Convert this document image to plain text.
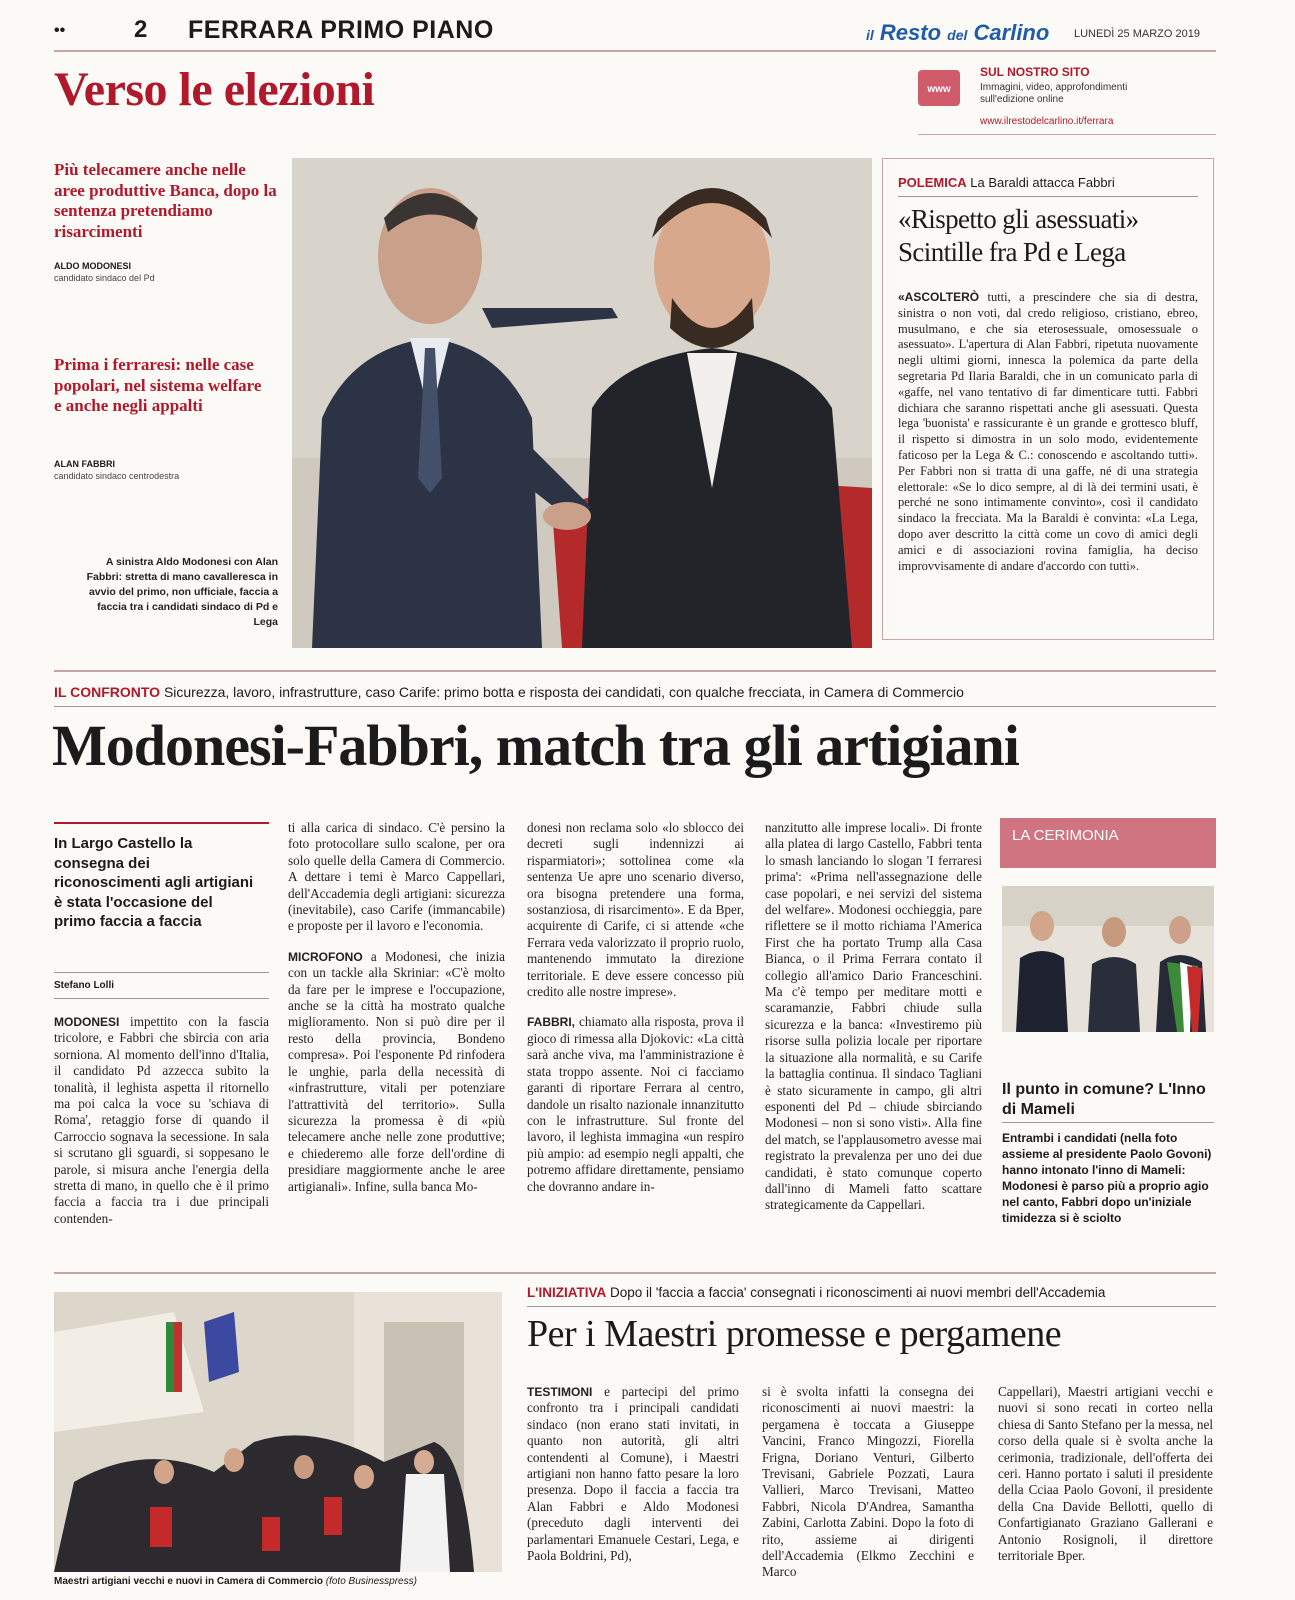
••	2 FERRARA PRIMO PIANO	il Resto del Carlino LUNEDÌ 25 MARZO 2019
Verso le elezioni	www
SUL NOSTRO SITO
Immagini, video, approfondimenti sull'edizione online
www.ilrestodelcarlino.it/ferrara
Più telecamere anche nelle aree produttive Banca, dopo la sentenza pretendiamo risarcimenti
ALDO MODONESI
candidato sindaco del Pd
Prima i ferraresi: nelle case popolari, nel sistema welfare e anche negli appalti
ALAN FABBRI
candidato sindaco centrodestra
A sinistra Aldo Modonesi con Alan Fabbri: stretta di mano cavalleresca in avvio del primo, non ufficiale, faccia a faccia tra i candidati sindaco di Pd e Lega
POLEMICA La Baraldi attacca Fabbri
«Rispetto gli asessuati» Scintille fra Pd e Lega
«ASCOLTERÒ tutti, a prescindere che sia di destra, sinistra o non voti, dal credo religioso, cristiano, ebreo, musulmano, e che sia eterosessuale, omosessuale o asessuato». L'apertura di Alan Fabbri, ripetuta nuovamente negli ultimi giorni, innesca la polemica da parte della segretaria Pd Ilaria Baraldi, che in un comunicato parla di «gaffe, nel vano tentativo di far dimenticare tutti. Fabbri dichiara che saranno rispettati anche gli asessuati. Questa lega 'buonista' e rassicurante è un grande e grottesco bluff, il rispetto si dimostra in un solo modo, evidentemente faticoso per la Lega & C.: conoscendo e ascoltando tutti». Per Fabbri non si tratta di una gaffe, né di una strategia elettorale: «Se lo dico sempre, al di là dei termini usati, è perché ne sono intimamente convinto», così il candidato sindaco la frecciata. Ma la Baraldi è convinta: «La Lega, dopo aver descritto la città come un covo di amici degli amici e di associazioni rovina famiglia, ha deciso improvvisamente di andare d'accordo con tutti».
IL CONFRONTO Sicurezza, lavoro, infrastrutture, caso Carife: primo botta e risposta dei candidati, con qualche frecciata, in Camera di Commercio
Modonesi-Fabbri, match tra gli artigiani
In Largo Castello la consegna dei riconoscimenti agli artigiani è stata l'occasione del primo faccia a faccia
Stefano Lolli
MODONESI impettito con la fascia tricolore, e Fabbri che sbircia con aria sorniona. Al momento dell'inno d'Italia, il candidato Pd azzecca subito la tonalità, il leghista aspetta il ritornello ma poi calca la voce su 'schiava di Roma', retaggio forse di quando il Carroccio sognava la secessione. In sala si scrutano gli sguardi, si soppesano le parole, si misura anche l'energia della stretta di mano, in quello che è il primo faccia a faccia tra i due principali contenden-

ti alla carica di sindaco. C'è persino la foto protocollare sullo scalone, per ora solo quelle della Camera di Commercio. A dettare i temi è Marco Cappellari, dell'Accademia degli artigiani: sicurezza (inevitabile), caso Carife (immancabile) e proposte per il lavoro e l'economia.

MICROFONO a Modonesi, che inizia con un tackle alla Skriniar: «C'è molto da fare per le imprese e l'occupazione, anche se la città ha mostrato qualche miglioramento. Non si può dire per il resto della provincia, Bondeno compresa». Poi l'esponente Pd rinfodera le unghie, parla della necessità di «infrastrutture, vitali per potenziare l'attrattività del territorio». Sulla sicurezza la promessa è di «più telecamere anche nelle zone produttive; e chiederemo alle forze dell'ordine di presidiare maggiormente anche le aree artigianali». Infine, sulla banca Mo-

donesi non reclama solo «lo sblocco dei decreti sugli indennizzi ai risparmiatori»; sottolinea come «la sentenza Ue apre uno scenario diverso, ora bisogna pretendere una forma, sostanziosa, di risarcimento». E da Bper, acquirente di Carife, ci si attende «che Ferrara veda valorizzato il proprio ruolo, mantenendo immutato la direzione territoriale. E deve essere concesso più credito alle nostre imprese».

FABBRI, chiamato alla risposta, prova il gioco di rimessa alla Djokovic: «La città sarà anche viva, ma l'amministrazione è stata troppo assente. Noi ci facciamo garanti di riportare Ferrara al centro, dandole un risalto nazionale innanzitutto con le infrastrutture. Sul fronte del lavoro, il leghista immagina «un respiro più ampio: ad esempio negli appalti, che potremo affidare direttamente, pensiamo che dovranno andare in-

nanzitutto alle imprese locali». Di fronte alla platea di largo Castello, Fabbri tenta lo smash lanciando lo slogan 'I ferraresi prima': «Prima nell'assegnazione delle case popolari, e nei servizi del sistema del welfare». Modonesi occhieggia, pare riflettere se il motto richiama l'America First che ha portato Trump alla Casa Bianca, o il Prima Ferrara contato il collegio all'amico Dario Franceschini. Ma c'è tempo per meditare motti e scaramanzie, Fabbri chiude sulla sicurezza e la banca: «Investiremo più risorse sulla polizia locale per riportare la situazione alla normalità, e su Carife la battaglia continua. Il sindaco Tagliani è stato sicuramente in campo, gli altri esponenti del Pd – chiude sbirciando Modonesi – non si sono visti». Alla fine del match, se l'applausometro avesse mai registrato la prevalenza per uno dei due candidati, è stato comunque coperto dall'inno di Mameli fatto scattare strategicamente da Cappellari.
LA CERIMONIA
Il punto in comune? L'Inno di Mameli
Entrambi i candidati (nella foto assieme al presidente Paolo Govoni) hanno intonato l'inno di Mameli: Modonesi è parso più a proprio agio nel canto, Fabbri dopo un'iniziale timidezza si è sciolto
Maestri artigiani vecchi e nuovi in Camera di Commercio (foto Businesspress)
L'INIZIATIVA Dopo il 'faccia a faccia' consegnati i riconoscimenti ai nuovi membri dell'Accademia
Per i Maestri promesse e pergamene
TESTIMONI e partecipi del primo confronto tra i principali candidati sindaco (non erano stati invitati, in quanto non autorità, gli altri contendenti al Comune), i Maestri artigiani non hanno fatto pesare la loro presenza. Dopo il faccia a faccia tra Alan Fabbri e Aldo Modonesi (preceduto dagli interventi dei parlamentari Emanuele Cestari, Lega, e Paola Boldrini, Pd),
si è svolta infatti la consegna dei riconoscimenti ai nuovi maestri: la pergamena è toccata a Giuseppe Vancini, Franco Mingozzi, Fiorella Frigna, Doriano Venturi, Gilberto Trevisani, Gabriele Pozzati, Laura Vallieri, Marco Trevisani, Matteo Fabbri, Nicola D'Andrea, Samantha Zabini, Carlotta Zabini. Dopo la foto di rito, assieme ai dirigenti dell'Accademia (Elkmo Zecchini e Marco
Cappellari), Maestri artigiani vecchi e nuovi si sono recati in corteo nella chiesa di Santo Stefano per la messa, nel corso della quale si è svolta anche la cerimonia, tradizionale, dell'offerta dei ceri. Hanno portato i saluti il presidente della Cciaa Paolo Govoni, il presidente della Cna Davide Bellotti, quello di Confartigianato Graziano Gallerani e Antonio Rosignoli, il direttore territoriale Bper.
